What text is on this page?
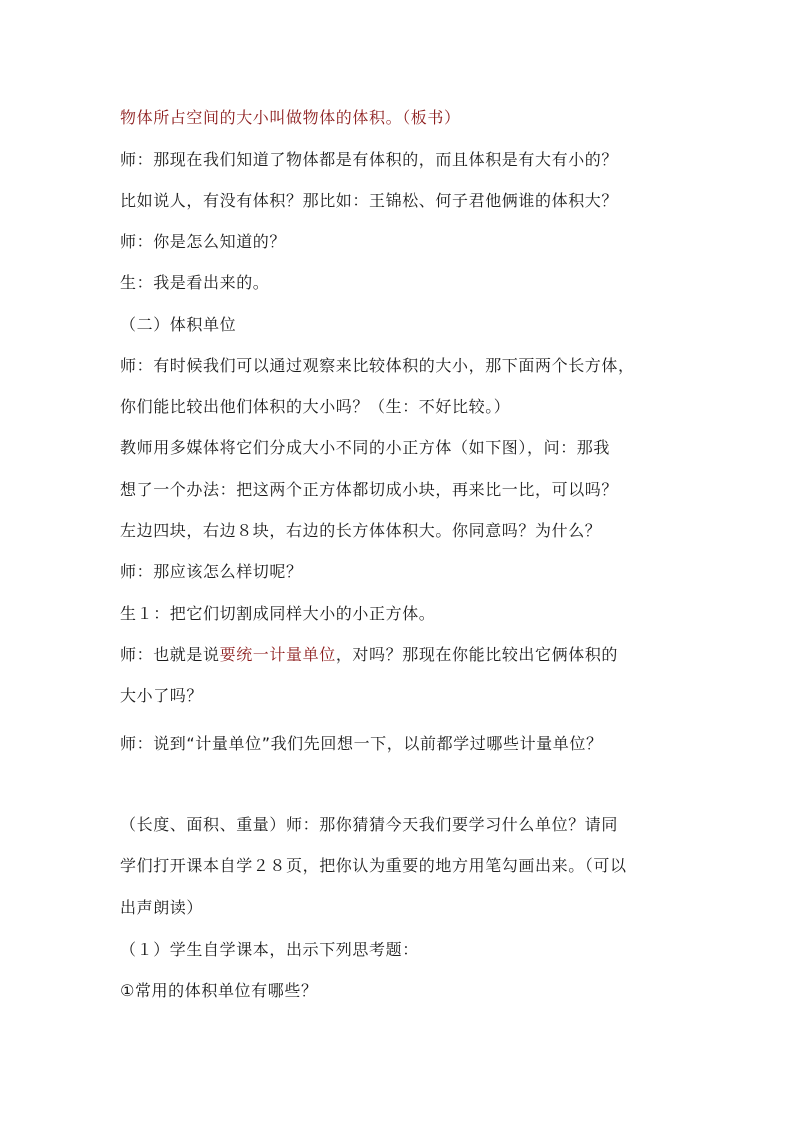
物体所占空间的大小叫做物体的体积。（板书）
师：那现在我们知道了物体都是有体积的，而且体积是有大有小的？
比如说人，有没有体积？那比如：王锦松、何子君他俩谁的体积大？
师：你是怎么知道的？
生：我是看出来的。
（二）体积单位
师：有时候我们可以通过观察来比较体积的大小，那下面两个长方体，
你们能比较出他们体积的大小吗？（生：不好比较。）
教师用多媒体将它们分成大小不同的小正方体（如下图），问：那我
想了一个办法：把这两个正方体都切成小块，再来比一比，可以吗？
左边四块，右边８块，右边的长方体体积大。你同意吗？为什么？
师：那应该怎么样切呢？
生１：把它们切割成同样大小的小正方体。
师：也就是说要统一计量单位，对吗？那现在你能比较出它俩体积的
大小了吗？
师：说到“计量单位”我们先回想一下，以前都学过哪些计量单位？
（长度、面积、重量）师：那你猜猜今天我们要学习什么单位？请同
学们打开课本自学２８页，把你认为重要的地方用笔勾画出来。（可以
出声朗读）
（１）学生自学课本，出示下列思考题：
①常用的体积单位有哪些？
